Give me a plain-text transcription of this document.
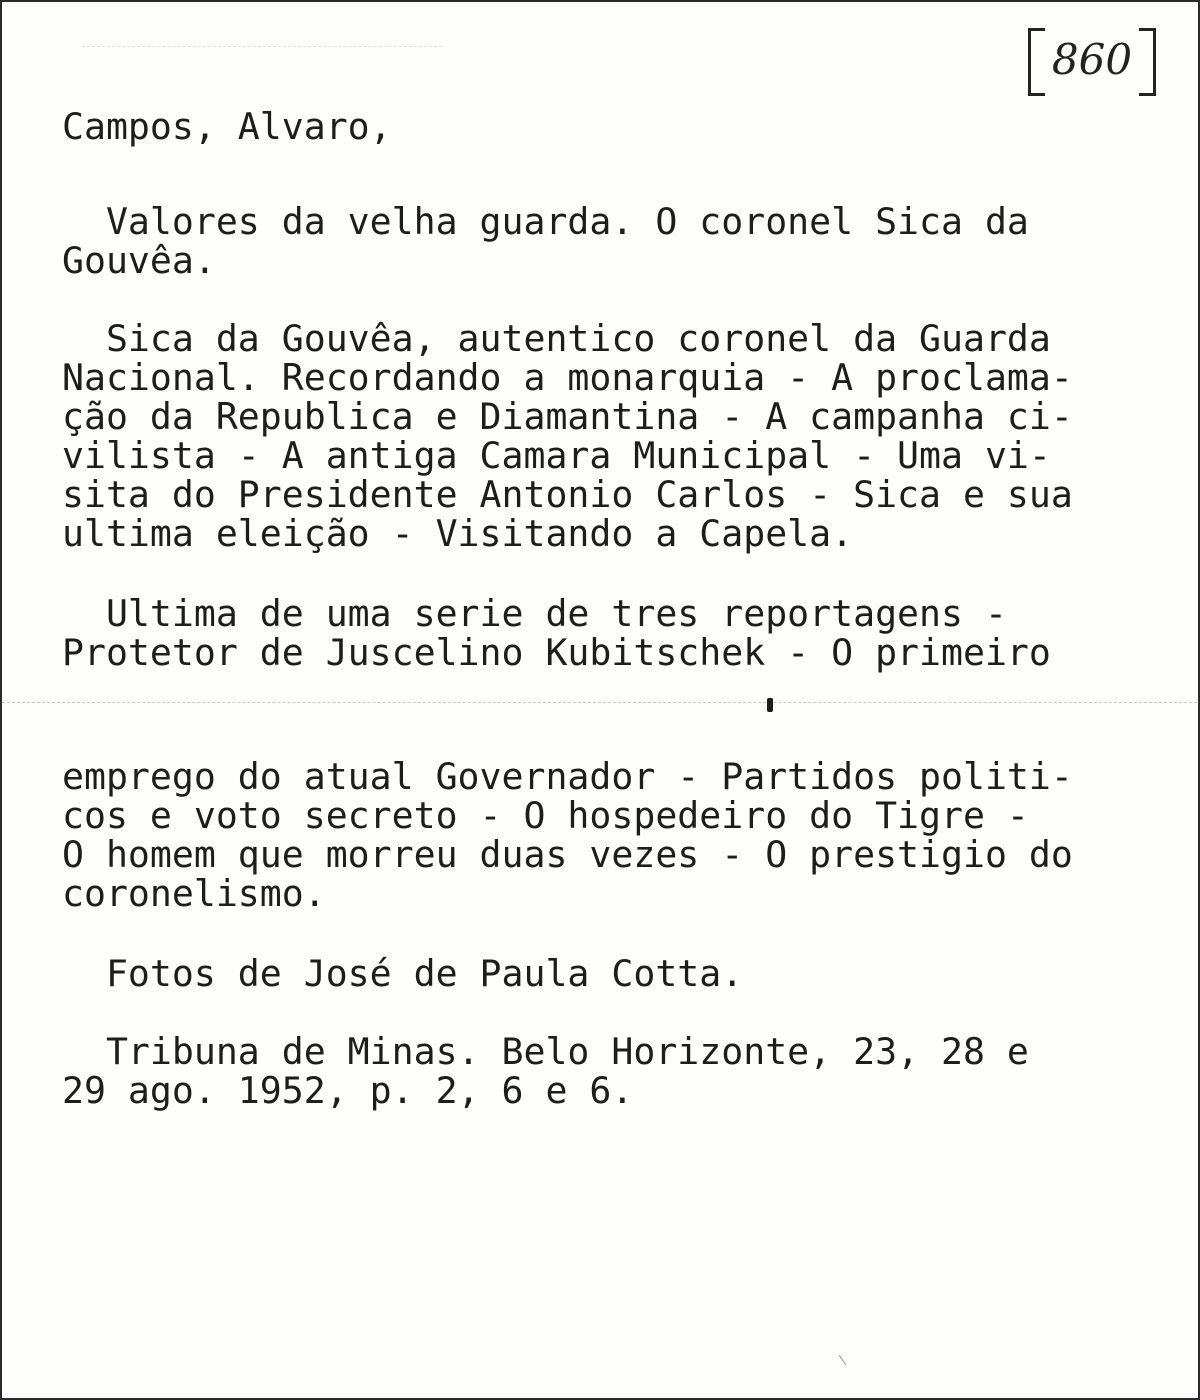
860

Campos, Alvaro,

Valores da velha guarda. O coronel Sica da

Gouvêa.

Sica da Gouvêa, autentico coronel da Guarda

Nacional. Recordando a monarquia - A proclama-

ção da Republica e Diamantina - A campanha ci-

vilista - A antiga Camara Municipal - Uma vi-

sita do Presidente Antonio Carlos - Sica e sua

ultima eleição - Visitando a Capela.

Ultima de uma serie de tres reportagens -

Protetor de Juscelino Kubitschek - O primeiro

emprego do atual Governador - Partidos politi-

cos e voto secreto - O hospedeiro do Tigre -

O homem que morreu duas vezes - O prestigio do

coronelismo.

Fotos de José de Paula Cotta.

Tribuna de Minas. Belo Horizonte, 23, 28 e

29 ago. 1952, p. 2, 6 e 6.
